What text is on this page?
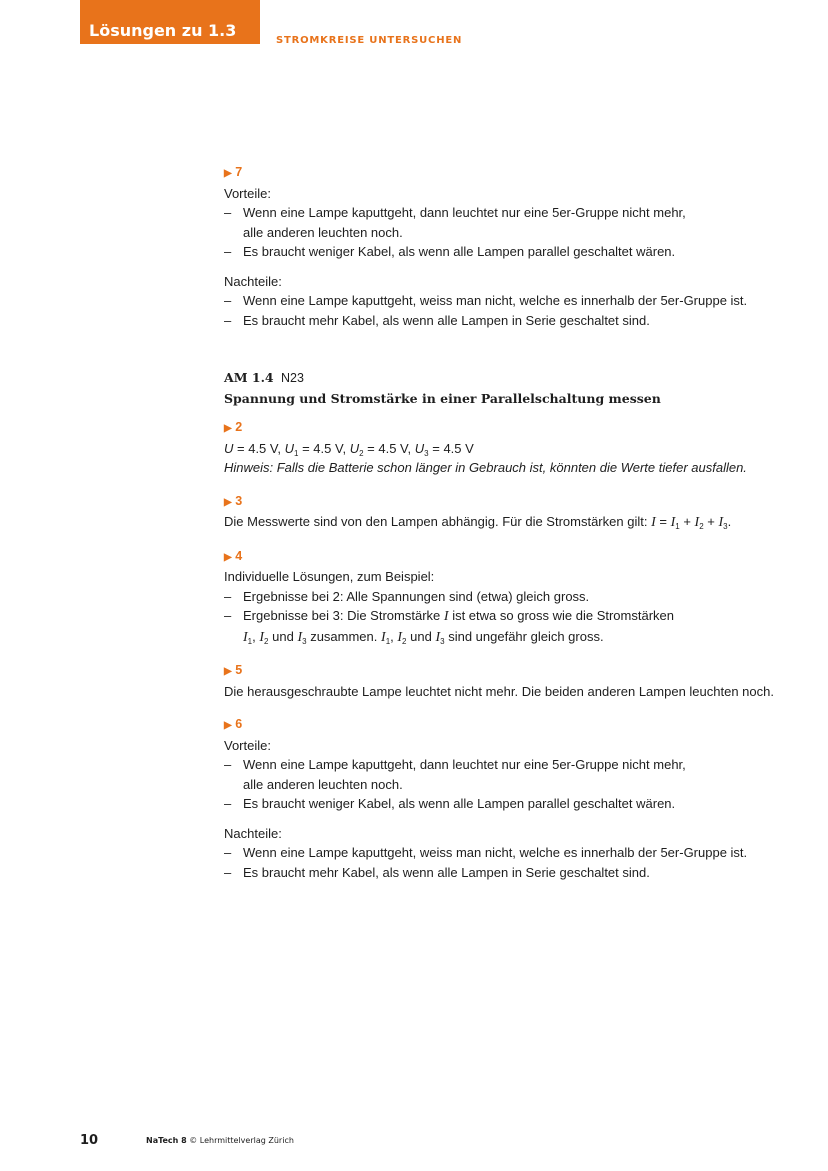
Lösungen zu 1.3
STROMKREISE UNTERSUCHEN
▶ 7
Vorteile:
– Wenn eine Lampe kaputtgeht, dann leuchtet nur eine 5er-Gruppe nicht mehr,
alle anderen leuchten noch.
– Es braucht weniger Kabel, als wenn alle Lampen parallel geschaltet wären.
Nachteile:
– Wenn eine Lampe kaputtgeht, weiss man nicht, welche es innerhalb der 5er-Gruppe ist.
– Es braucht mehr Kabel, als wenn alle Lampen in Serie geschaltet sind.
AM 1.4 N23
Spannung und Stromstärke in einer Parallelschaltung messen
▶ 2
U = 4.5 V, $U_1 = 4.5$ V, $U_2 = 4.5$ V, $U_3 = 4.5$ V
Hinweis: Falls die Batterie schon länger in Gebrauch ist, könnten die Werte tiefer ausfallen.
▶ 3
Die Messwerte sind von den Lampen abhängig. Für die Stromstärken gilt: $I = I_1 + I_2 + I_3$.
▶ 4
Individuelle Lösungen, zum Beispiel:
– Ergebnisse bei 2: Alle Spannungen sind (etwa) gleich gross.
– Ergebnisse bei 3: Die Stromstärke I ist etwa so gross wie die Stromstärken
$I_1$, $I_2$ und $I_3$ zusammen. $I_1$, $I_2$ und $I_3$ sind ungefähr gleich gross.
▶ 5
Die herausgeschraubte Lampe leuchtet nicht mehr. Die beiden anderen Lampen leuchten noch.
▶ 6
Vorteile:
– Wenn eine Lampe kaputtgeht, dann leuchtet nur eine 5er-Gruppe nicht mehr,
alle anderen leuchten noch.
– Es braucht weniger Kabel, als wenn alle Lampen parallel geschaltet wären.
Nachteile:
– Wenn eine Lampe kaputtgeht, weiss man nicht, welche es innerhalb der 5er-Gruppe ist.
– Es braucht mehr Kabel, als wenn alle Lampen in Serie geschaltet sind.
10	NaTech 8 © Lehrmittelverlag Zürich
